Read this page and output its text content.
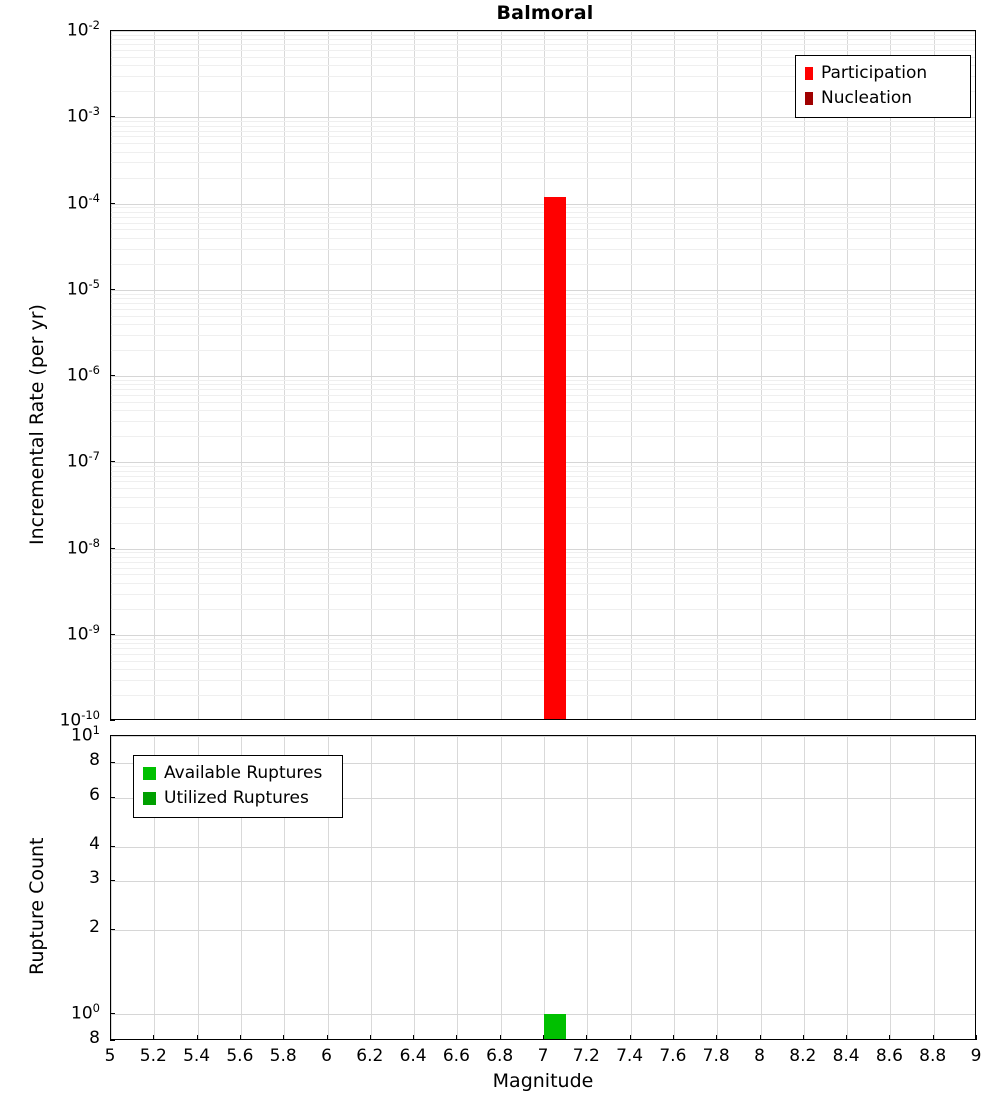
Balmoral
$10^{-2}$
$10^{-3}$
$10^{-4}$
$10^{-5}$
$10^{-6}$
$10^{-7}$
$10^{-8}$
$10^{-9}$
$10^{-10}$
Incremental Rate (per yr)
Participation
Nucleation
$10^1$
8
6
4
3
2
$10^0$
8
Rupture Count
Available Ruptures
Utilized Ruptures
5	5.2 5.4 5.6 5.8	6	6.2 6.4 6.6 6.8	7	7.2 7.4 7.6 7.8	8	8.2 8.4 8.6 8.8	9
Magnitude
